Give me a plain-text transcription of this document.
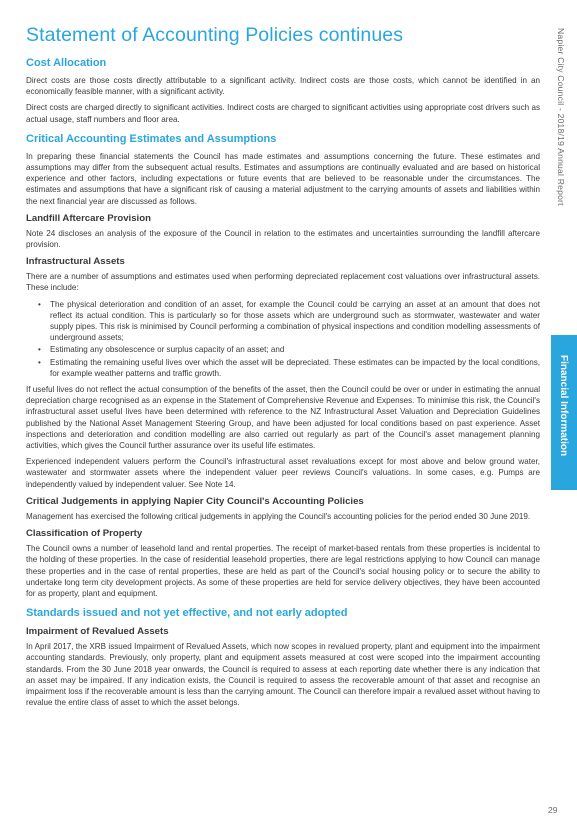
Statement of Accounting Policies continues
Cost Allocation

Direct costs are those costs directly attributable to a significant activity. Indirect costs are those costs, which cannot be identified in an economically feasible manner, with a significant activity.

Direct costs are charged directly to significant activities. Indirect costs are charged to significant activities using appropriate cost drivers such as actual usage, staff numbers and floor area.

Critical Accounting Estimates and Assumptions

In preparing these financial statements the Council has made estimates and assumptions concerning the future. These estimates and assumptions may differ from the subsequent actual results. Estimates and assumptions are continually evaluated and are based on historical experience and other factors, including expectations or future events that are believed to be reasonable under the circumstances. The estimates and assumptions that have a significant risk of causing a material adjustment to the carrying amounts of assets and liabilities within the next financial year are discussed as follows.

Landfill Aftercare Provision

Note 24 discloses an analysis of the exposure of the Council in relation to the estimates and uncertainties surrounding the landfill aftercare provision.

Infrastructural Assets

There are a number of assumptions and estimates used when performing depreciated replacement cost valuations over infrastructural assets. These include:

• The physical deterioration and condition of an asset, for example the Council could be carrying an asset at an amount that does not reflect its actual condition. This is particularly so for those assets which are underground such as stormwater, wastewater and water supply pipes. This risk is minimised by Council performing a combination of physical inspections and condition modelling assessments of underground assets;
• Estimating any obsolescence or surplus capacity of an asset; and
• Estimating the remaining useful lives over which the asset will be depreciated. These estimates can be impacted by the local conditions, for example weather patterns and traffic growth.

If useful lives do not reflect the actual consumption of the benefits of the asset, then the Council could be over or under in estimating the annual depreciation charge recognised as an expense in the Statement of Comprehensive Revenue and Expenses. To minimise this risk, the Council's infrastructural asset useful lives have been determined with reference to the NZ Infrastructural Asset Valuation and Depreciation Guidelines published by the National Asset Management Steering Group, and have been adjusted for local conditions based on past experience. Asset inspections and deterioration and condition modelling are also carried out regularly as part of the Council's asset management planning activities, which gives the Council further assurance over its useful life estimates.

Experienced independent valuers perform the Council's infrastructural asset revaluations except for most above and below ground water, wastewater and stormwater assets where the independent valuer peer reviews Council's valuations. In some cases, e.g. Pumps are independently valued by independent valuer. See Note 14.

Critical Judgements in applying Napier City Council's Accounting Policies

Management has exercised the following critical judgements in applying the Council's accounting policies for the period ended 30 June 2019.

Classification of Property

The Council owns a number of leasehold land and rental properties. The receipt of market-based rentals from these properties is incidental to the holding of these properties. In the case of residential leasehold properties, there are legal restrictions applying to how Council can manage these properties and in the case of rental properties, these are held as part of the Council's social housing policy or to secure the ability to undertake long term city development projects. As some of these properties are held for service delivery objectives, they have been accounted for as property, plant and equipment.

Standards issued and not yet effective, and not early adopted
Impairment of Revalued Assets

In April 2017, the XRB issued Impairment of Revalued Assets, which now scopes in revalued property, plant and equipment into the impairment accounting standards. Previously, only property, plant and equipment assets measured at cost were scoped into the impairment accounting standards. From the 30 June 2018 year onwards, the Council is required to assess at each reporting date whether there is any indication that an asset may be impaired. If any indication exists, the Council is required to assess the recoverable amount of that asset and recognise an impairment loss if the recoverable amount is less than the carrying amount. The Council can therefore impair a revalued asset without having to revalue the entire class of asset to which the asset belongs.

Napier City Council - 2018/19 Annual Report
Financial Information
29
